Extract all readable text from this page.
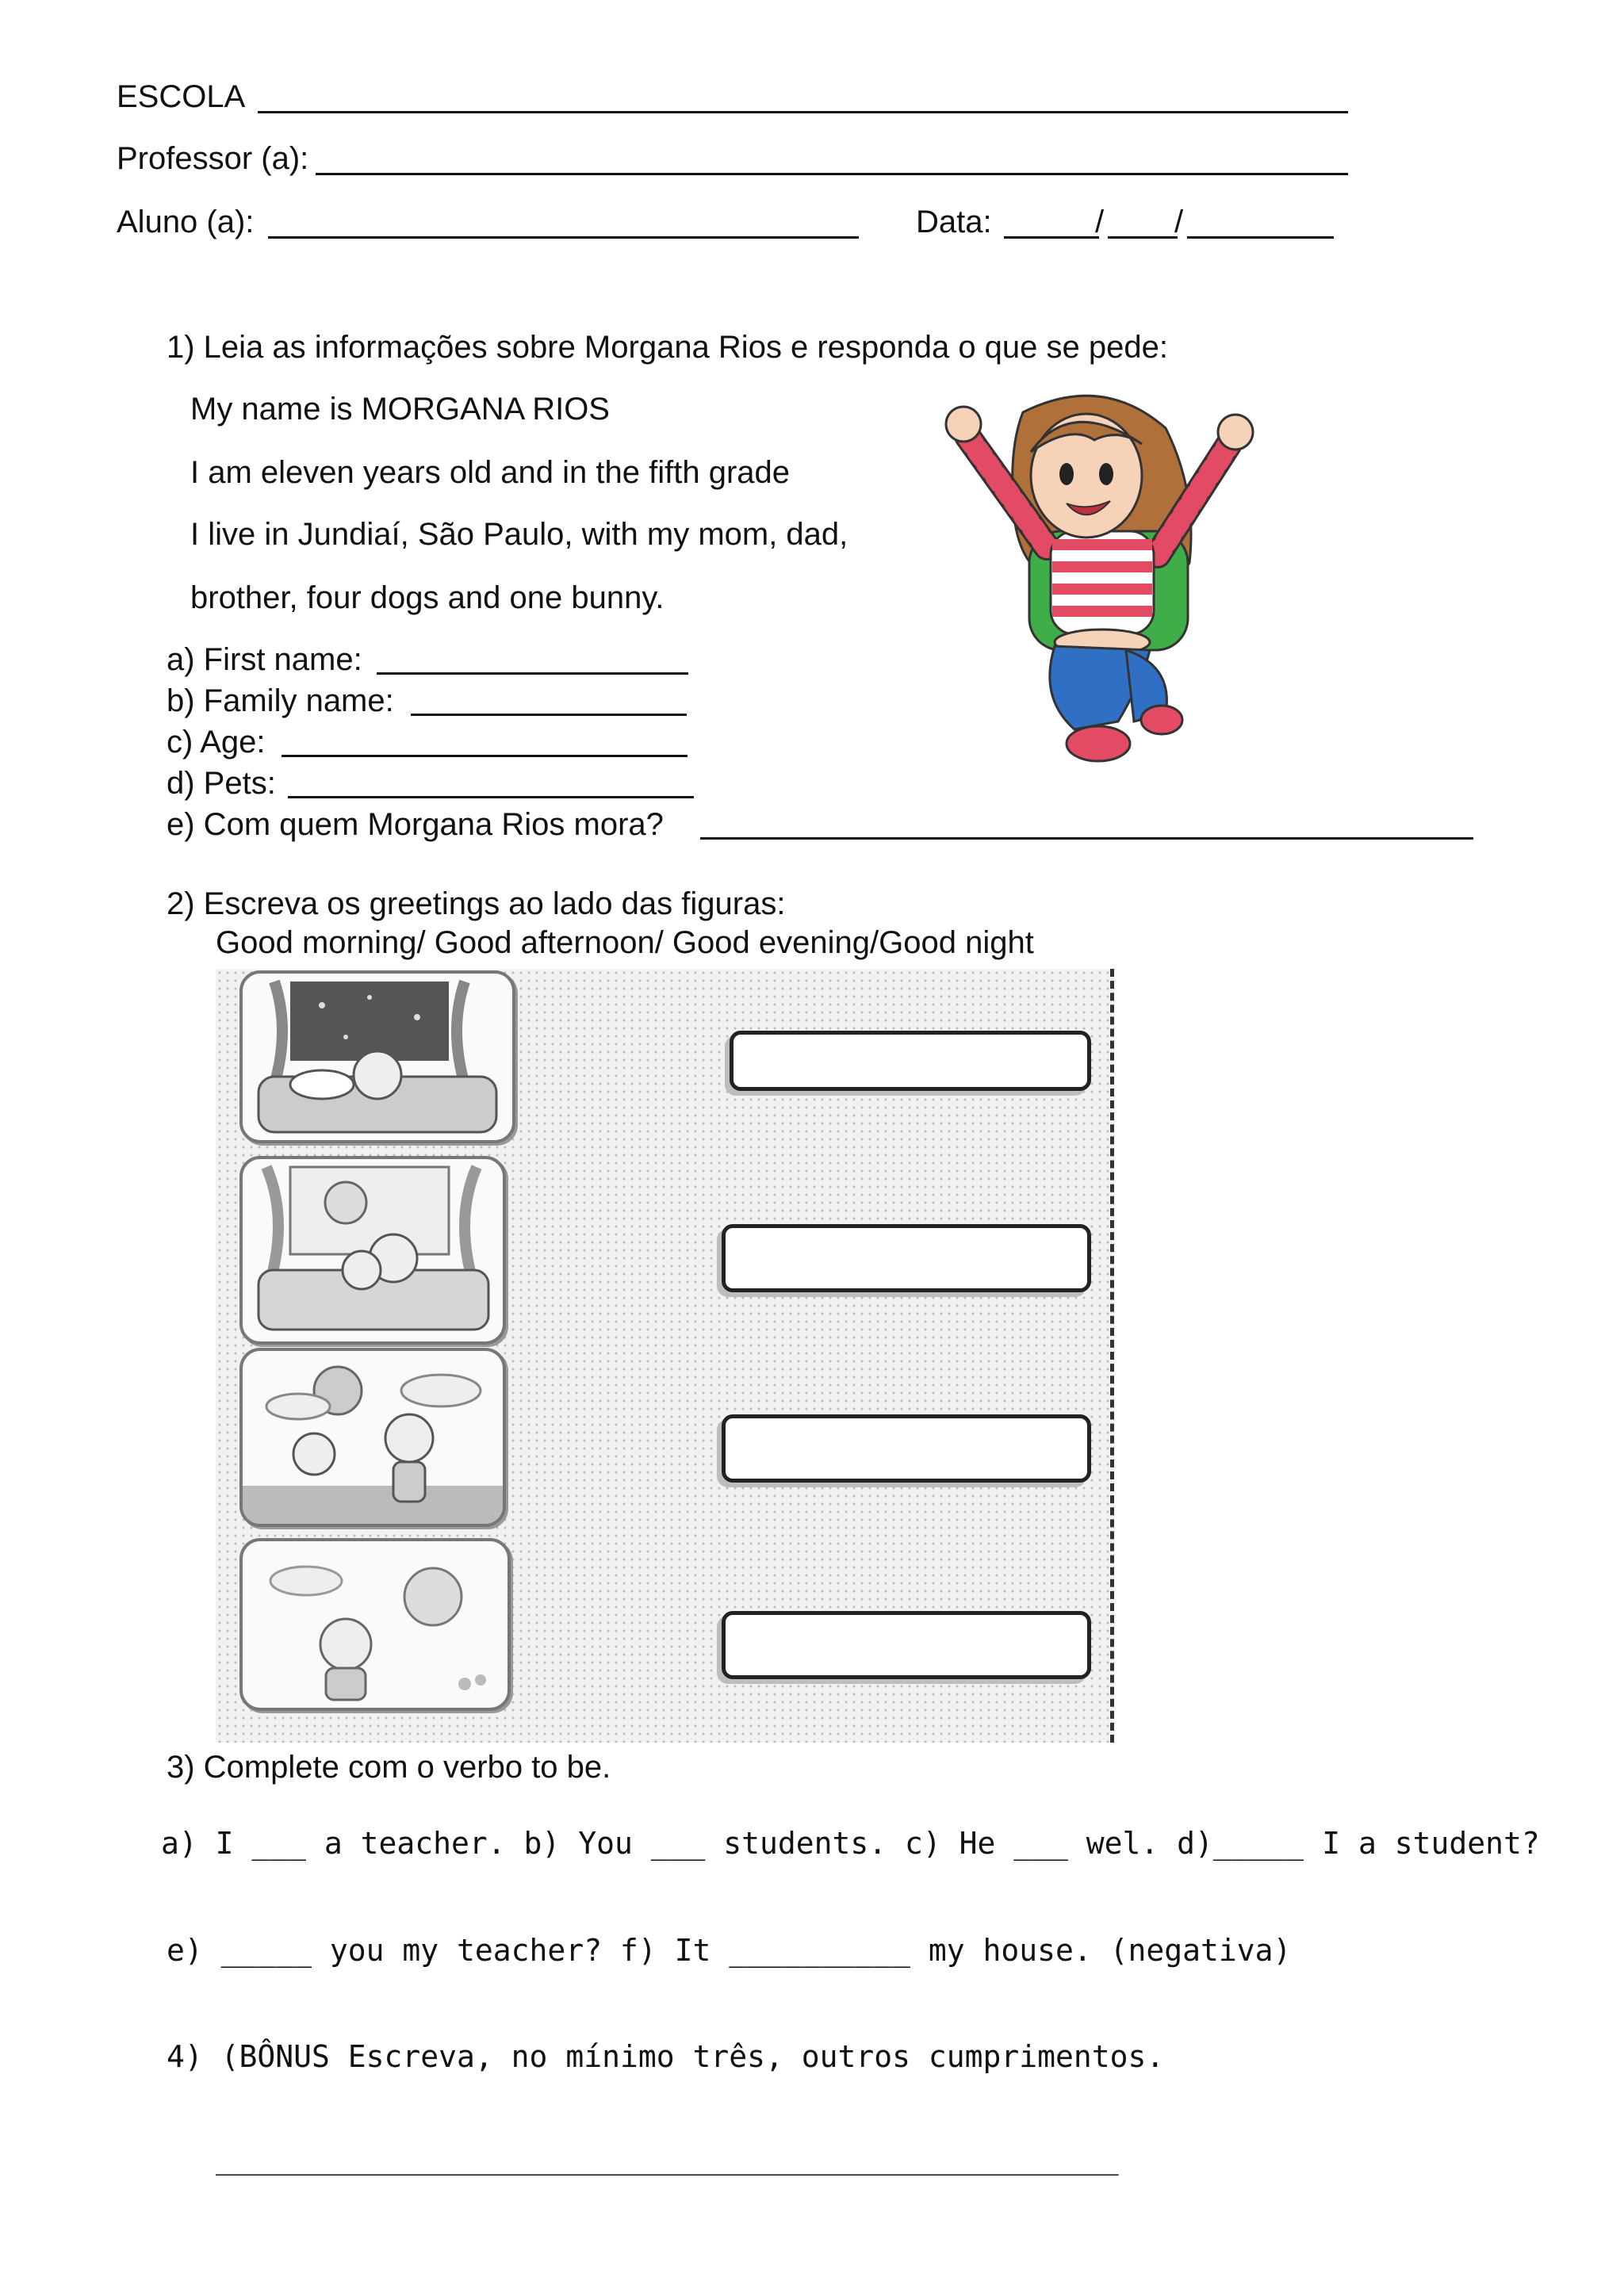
ESCOLA
Professor (a):
Aluno (a):	Data:	/ /
1) Leia as informações sobre Morgana Rios e responda o que se pede:
My name is MORGANA RIOS
I am eleven years old and in the fifth grade
I live in Jundiaí, São Paulo, with my mom, dad,
brother, four dogs and one bunny.
a) First name:
b) Family name:
c) Age:
d) Pets:
e) Com quem Morgana Rios mora?
2) Escreva os greetings ao lado das figuras:
Good morning/ Good afternoon/ Good evening/Good night
3) Complete com o verbo to be.
a) I ___ a teacher. b) You ___ students. c) He ___ wel. d)_____ I a student?
e) _____ you my teacher? f) It __________ my house. (negativa)
4) (BÔNUS Escreva, no mínimo três, outros cumprimentos.
____________________________________________________
